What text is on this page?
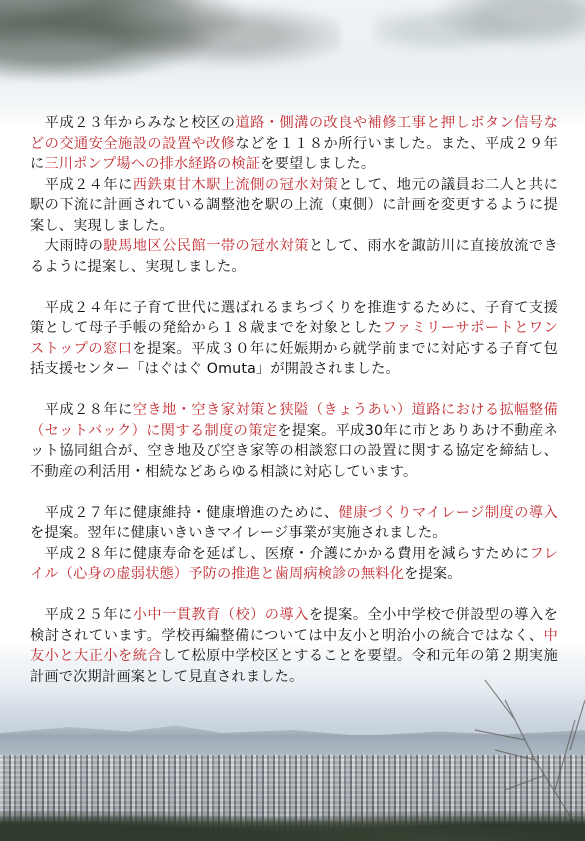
　平成２３年からみなと校区の道路・側溝の改良や補修工事と押しボタン信号などの交通安全施設の設置や改修などを１１８か所行いました。また、平成２９年に三川ポンプ場への排水経路の検証を要望しました。

　平成２４年に西鉄東甘木駅上流側の冠水対策として、地元の議員お二人と共に駅の下流に計画されている調整池を駅の上流（東側）に計画を変更するように提案し、実現しました。

　大雨時の駛馬地区公民館一帯の冠水対策として、雨水を諏訪川に直接放流できるように提案し、実現しました。

　平成２４年に子育て世代に選ばれるまちづくりを推進するために、子育て支援策として母子手帳の発給から１８歳までを対象としたファミリーサポートとワンストップの窓口を提案。平成３０年に妊娠期から就学前までに対応する子育て包括支援センター「はぐはぐ Omuta」が開設されました。

　平成２８年に空き地・空き家対策と狭隘（きょうあい）道路における拡幅整備（セットバック）に関する制度の策定を提案。平成30年に市とありあけ不動産ネット協同組合が、空き地及び空き家等の相談窓口の設置に関する協定を締結し、不動産の利活用・相続などあらゆる相談に対応しています。

　平成２７年に健康維持・健康増進のために、健康づくりマイレージ制度の導入を提案。翌年に健康いきいきマイレージ事業が実施されました。

　平成２８年に健康寿命を延ばし、医療・介護にかかる費用を減らすためにフレイル（心身の虚弱状態）予防の推進と歯周病検診の無料化を提案。

　平成２５年に小中一貫教育（校）の導入を提案。全小中学校で併設型の導入を検討されています。学校再編整備については中友小と明治小の統合ではなく、中友小と大正小を統合して松原中学校区とすることを要望。令和元年の第２期実施計画で次期計画案として見直されました。
